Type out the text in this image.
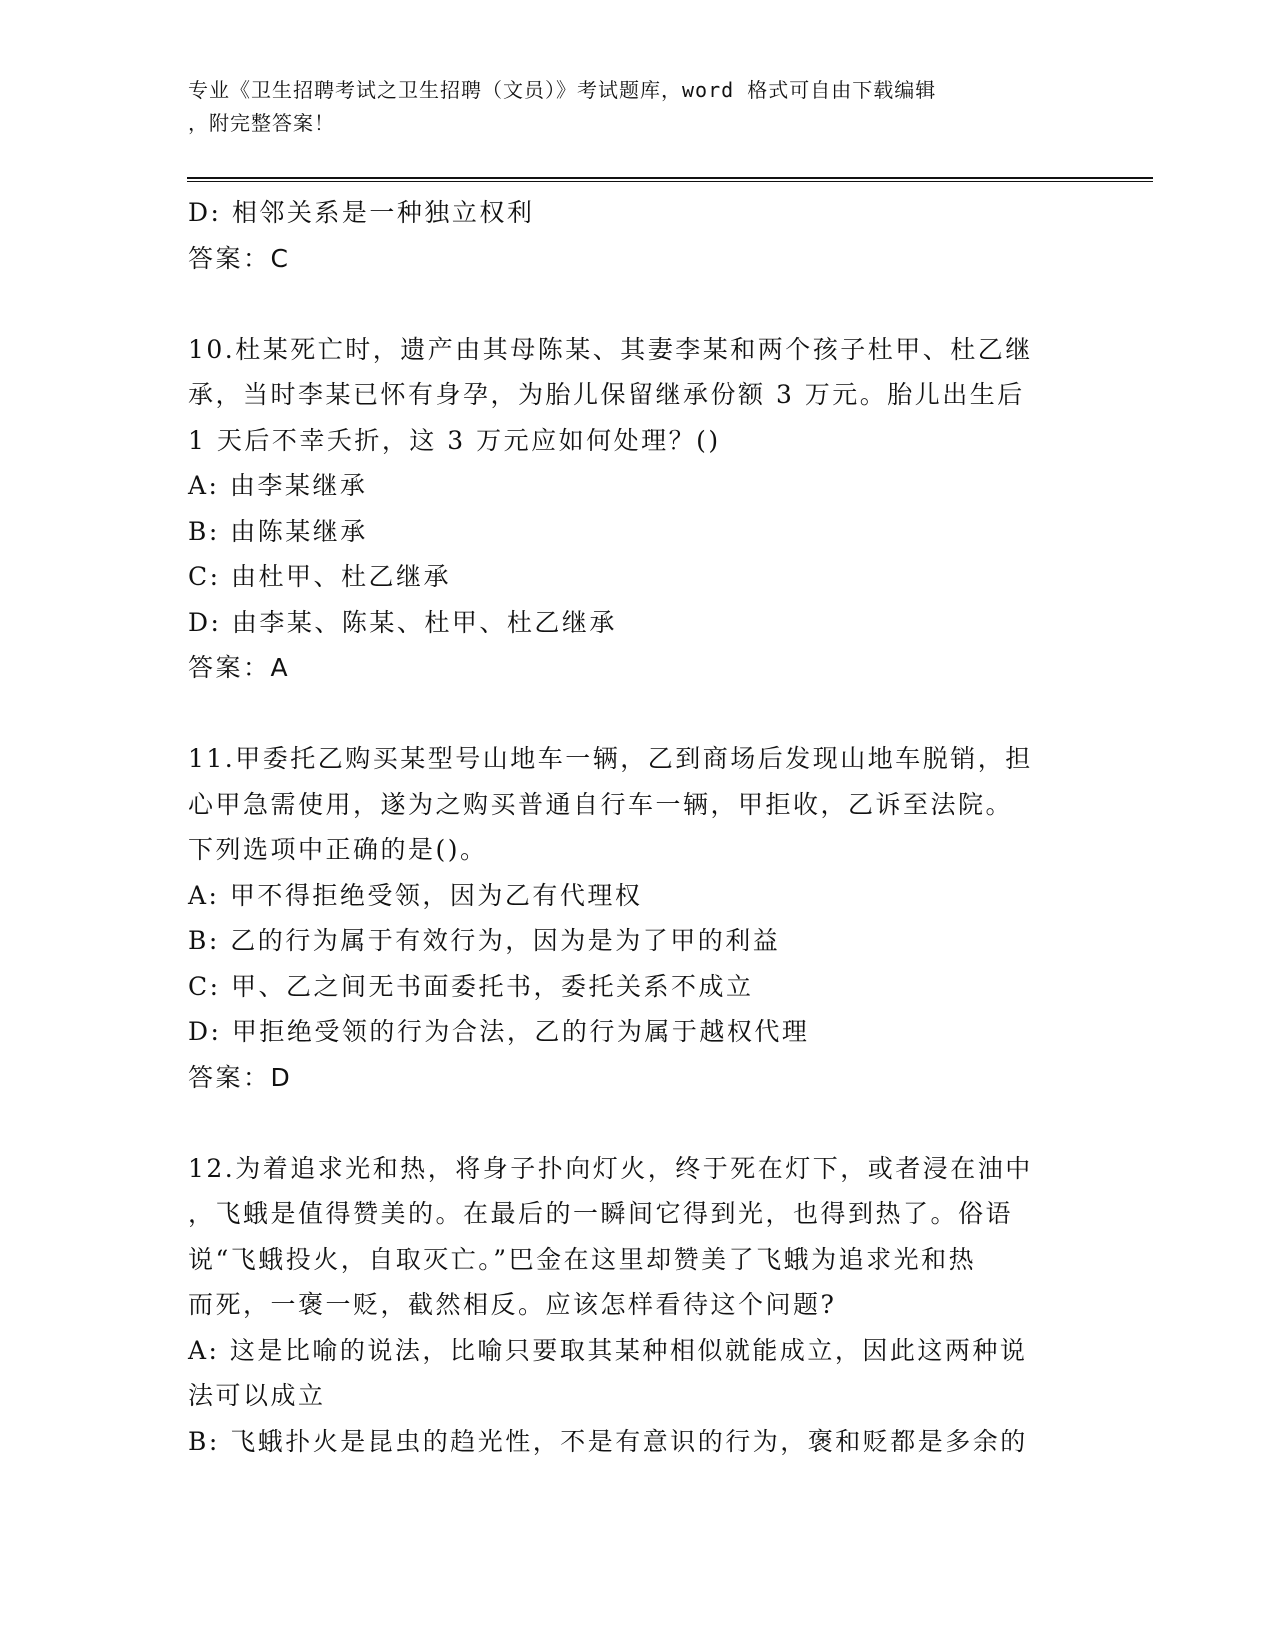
专业《卫生招聘考试之卫生招聘（文员）》考试题库，word 格式可自由下载编辑
，附完整答案！
D: 相邻关系是一种独立权利
答案：C
10.杜某死亡时，遗产由其母陈某、其妻李某和两个孩子杜甲、杜乙继
承，当时李某已怀有身孕，为胎儿保留继承份额 3 万元。胎儿出生后
1 天后不幸夭折，这 3 万元应如何处理？()
A: 由李某继承
B: 由陈某继承
C: 由杜甲、杜乙继承
D: 由李某、陈某、杜甲、杜乙继承
答案：A
11.甲委托乙购买某型号山地车一辆，乙到商场后发现山地车脱销，担
心甲急需使用，遂为之购买普通自行车一辆，甲拒收，乙诉至法院。
下列选项中正确的是()。
A: 甲不得拒绝受领，因为乙有代理权
B: 乙的行为属于有效行为，因为是为了甲的利益
C: 甲、乙之间无书面委托书，委托关系不成立
D: 甲拒绝受领的行为合法，乙的行为属于越权代理
答案：D
12.为着追求光和热，将身子扑向灯火，终于死在灯下，或者浸在油中
，飞蛾是值得赞美的。在最后的一瞬间它得到光，也得到热了。俗语
说“飞蛾投火，自取灭亡。”巴金在这里却赞美了飞蛾为追求光和热
而死，一褒一贬，截然相反。应该怎样看待这个问题?
A: 这是比喻的说法，比喻只要取其某种相似就能成立，因此这两种说
法可以成立
B: 飞蛾扑火是昆虫的趋光性，不是有意识的行为，褒和贬都是多余的
